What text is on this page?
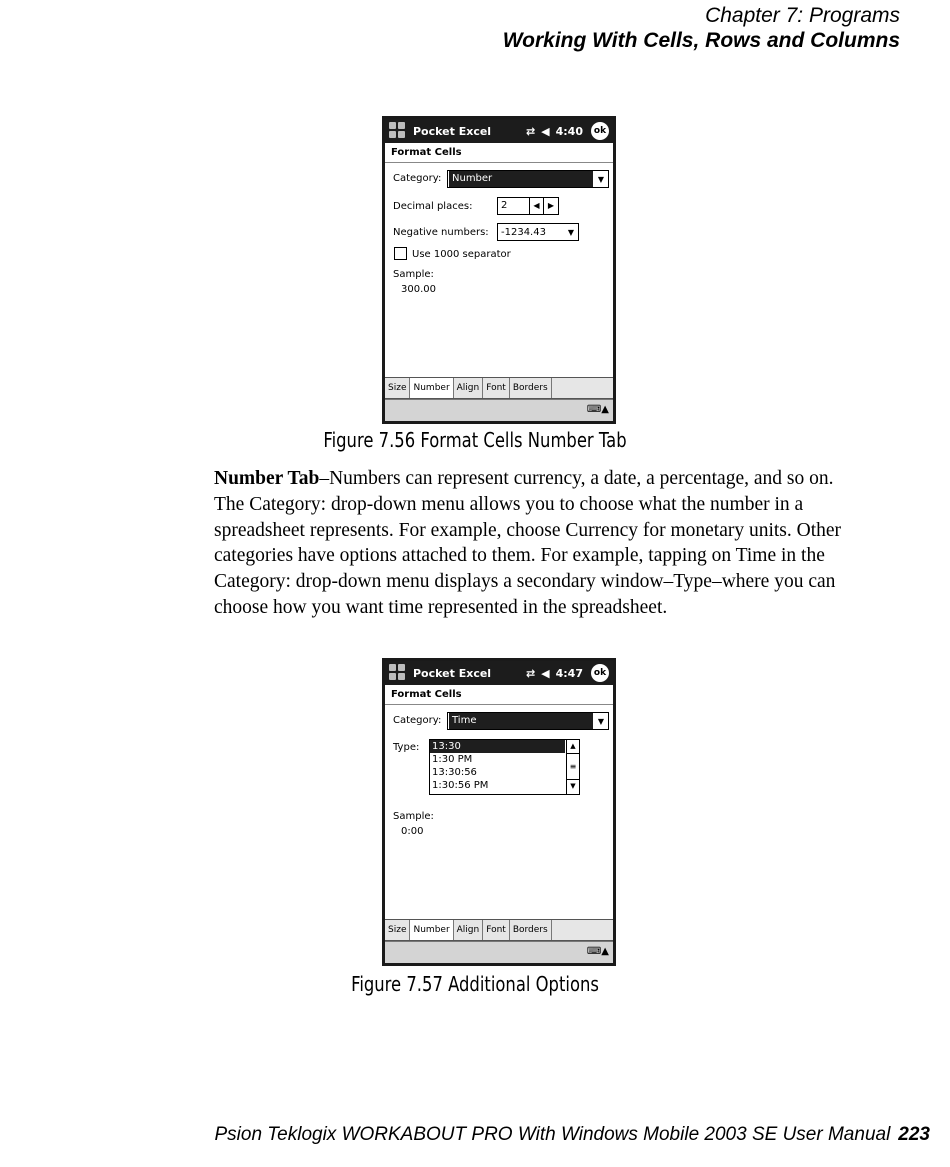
Chapter 7: Programs
Working With Cells, Rows and Columns
Pocket Excel	⇄ ◀ 4:40	ok
Format Cells
Category:	Number	▼
Decimal places:	2	◀	▶
Negative numbers:	-1234.43	▼
Use 1000 separator
Sample:
300.00
Size Number Align Font Borders
⌨▲
Figure 7.56 Format Cells Number Tab

Number Tab–Numbers can represent currency, a date, a percentage, and so on. The Category: drop-down menu allows you to choose what the number in a spreadsheet represents. For example, choose Currency for monetary units. Other categories have options attached to them. For example, tapping on Time in the Category: drop-down menu displays a secondary window–Type–where you can choose how you want time represented in the spreadsheet.

Pocket Excel	⇄ ◀ 4:47	ok
Format Cells
Category:	Time	▼
Type: 13:30
1:30 PM
13:30:56
1:30:56 PM
▲
≡
▼
Sample:
0:00
Size Number Align Font Borders
⌨▲
Figure 7.57 Additional Options
Psion Teklogix WORKABOUT PRO With Windows Mobile 2003 SE User Manual 223
